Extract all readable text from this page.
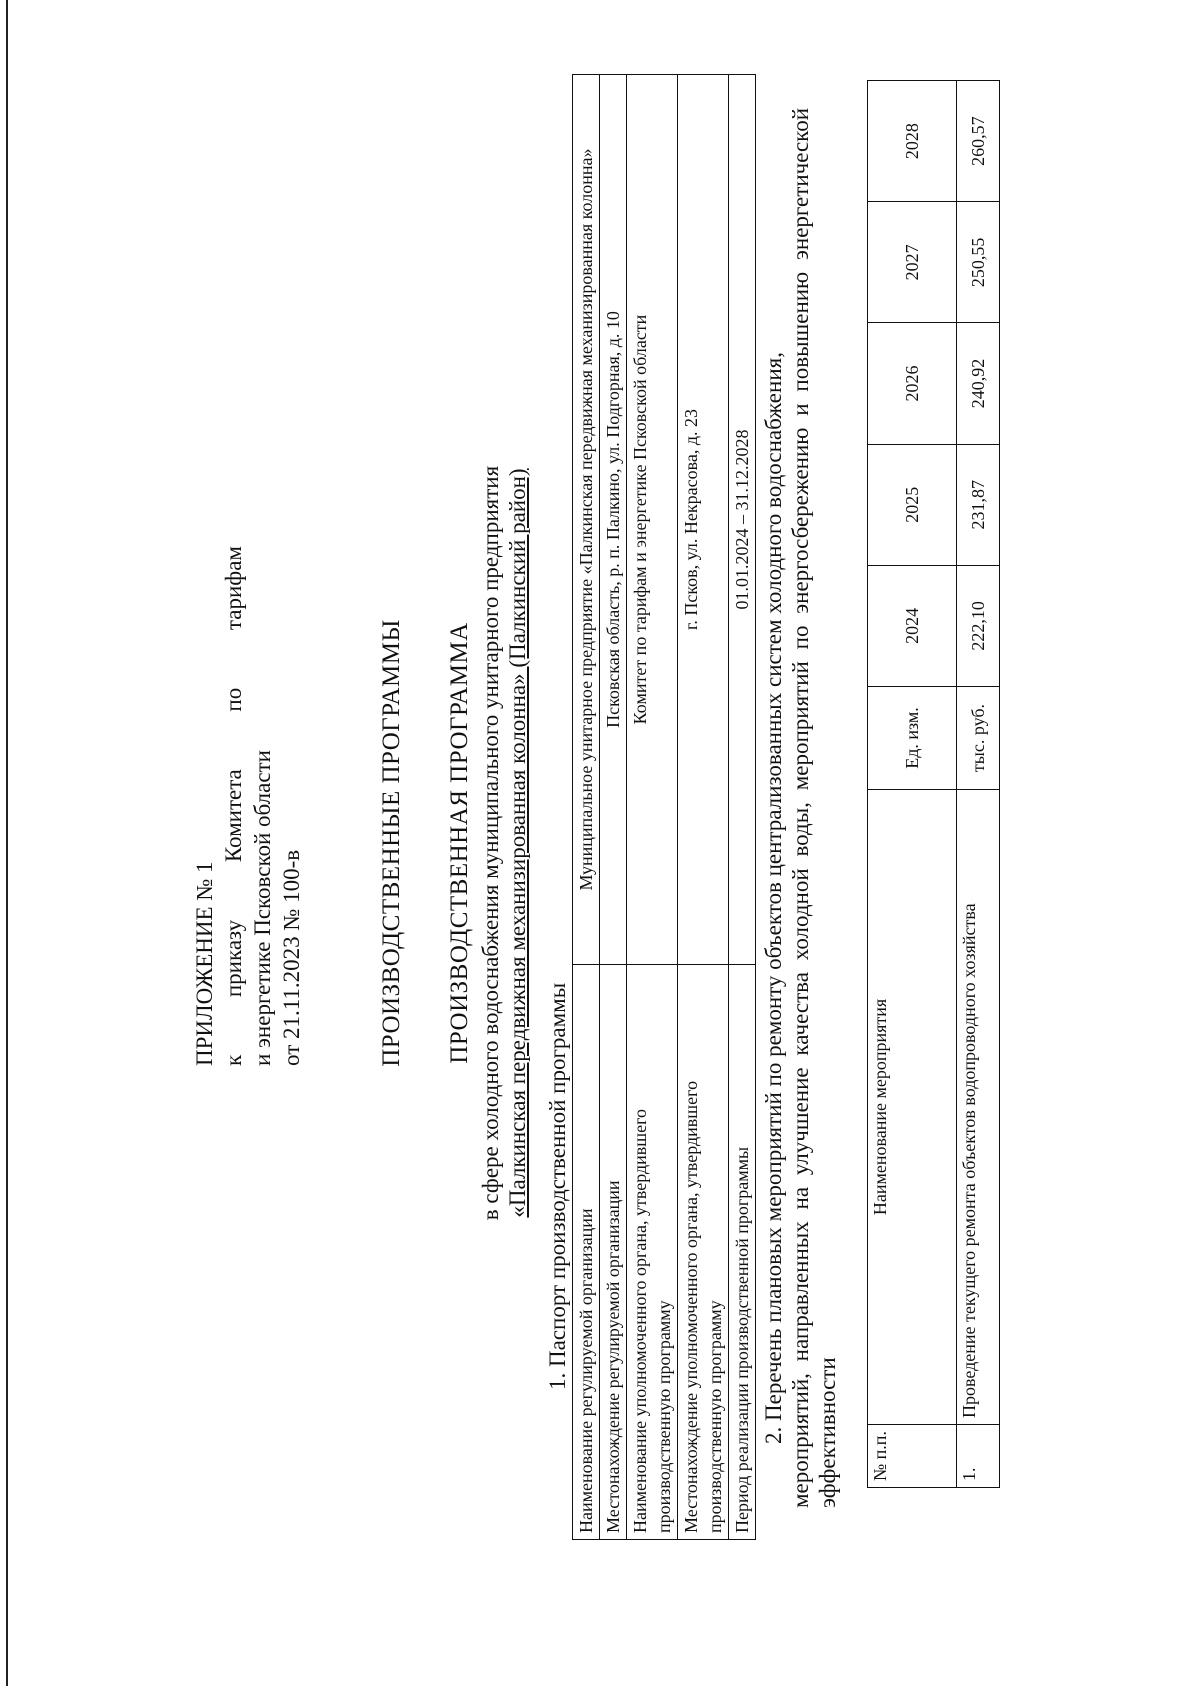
ПРИЛОЖЕНИЕ № 1 к
приказу
Комитета
по
тарифам
и энергетике Псковской области от 21.11.2023 № 100-в	ПРОИЗВОДСТВЕННЫЕ ПРОГРАММЫ ПРОИЗВОДСТВЕННАЯ ПРОГРАММА в сфере холодного водоснабжения муниципального унитарного предприятия «Палкинская передвижная механизированная колонна» (Палкинский район) 1. Паспорт производственной программы Наименование регулируемой организации	Муниципальное унитарное предприятие «Палкинская передвижная механизированная колонна»
Местонахождение регулируемой организации	Псковская область, р. п. Палкино, ул. Подгорная, д. 10
Наименование уполномоченного органа, утвердившего производственную программу	Комитет по тарифам и энергетике Псковской области
Местонахождение уполномоченного органа, утвердившего производственную программу	г. Псков, ул. Некрасова, д. 23
Период реализации производственной программы	01.01.2024 – 31.12.2028 2. Перечень плановых мероприятий по ремонту объектов централизованных систем холодного водоснабжения, мероприятий, направленных на улучшение качества холодной воды, мероприятий по энергосбережению и повышению энергетической эффективности № п.п.	Наименование мероприятия	Ед. изм.	2024	2025	2026	2027	2028
1.	Проведение текущего ремонта объектов водопроводного хозяйства	тыс. руб.	222,10	231,87	240,92	250,55	260,57
